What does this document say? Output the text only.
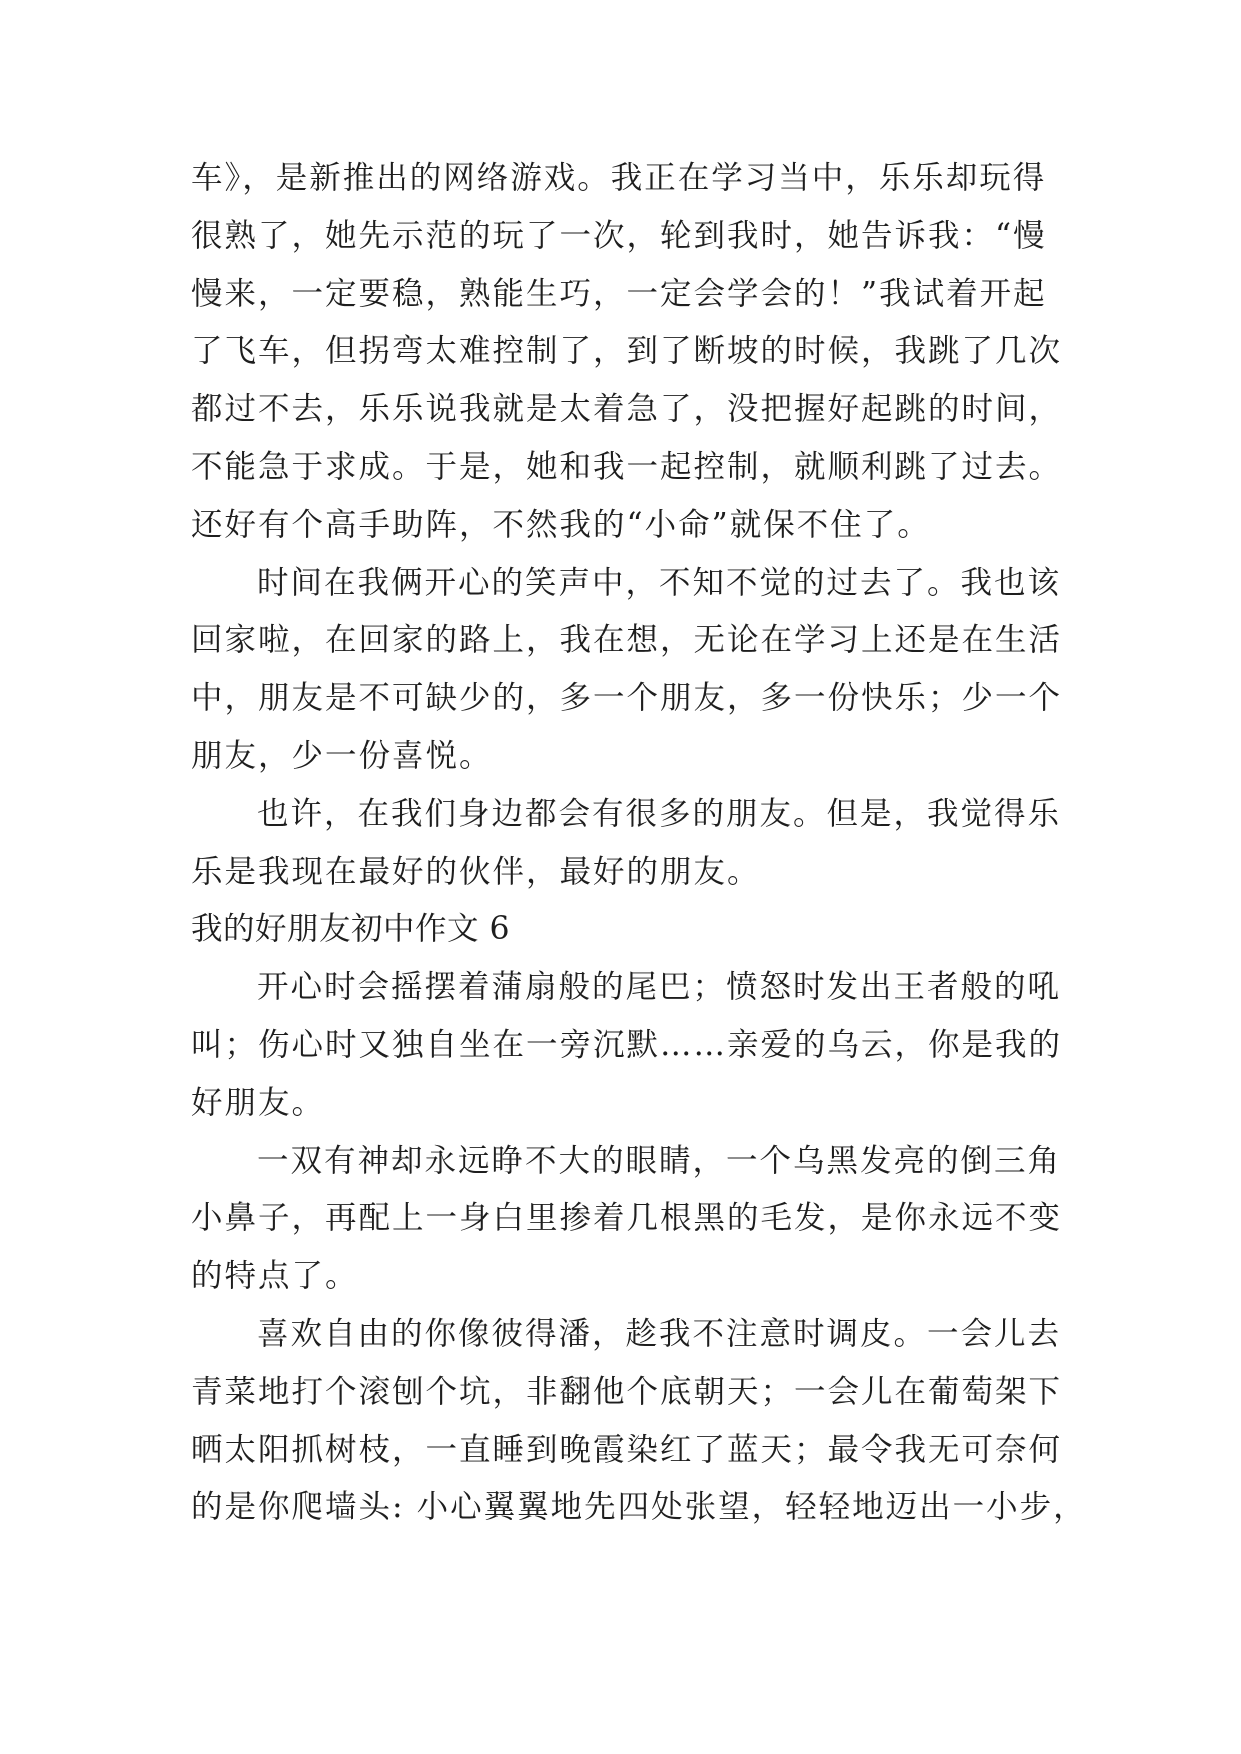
车》，是新推出的网络游戏。我正在学习当中，乐乐却玩得
很熟了，她先示范的玩了一次，轮到我时，她告诉我：“慢
慢来，一定要稳，熟能生巧，一定会学会的！”我试着开起
了飞车，但拐弯太难控制了，到了断坡的时候，我跳了几次
都过不去，乐乐说我就是太着急了，没把握好起跳的时间，
不能急于求成。于是，她和我一起控制，就顺利跳了过去。
还好有个高手助阵，不然我的“小命”就保不住了。
时间在我俩开心的笑声中，不知不觉的过去了。我也该
回家啦，在回家的路上，我在想，无论在学习上还是在生活
中，朋友是不可缺少的，多一个朋友，多一份快乐；少一个
朋友，少一份喜悦。
也许，在我们身边都会有很多的朋友。但是，我觉得乐
乐是我现在最好的伙伴，最好的朋友。
我的好朋友初中作文 6
开心时会摇摆着蒲扇般的尾巴；愤怒时发出王者般的吼
叫；伤心时又独自坐在一旁沉默……亲爱的乌云，你是我的
好朋友。
一双有神却永远睁不大的眼睛，一个乌黑发亮的倒三角
小鼻子，再配上一身白里掺着几根黑的毛发，是你永远不变
的特点了。
喜欢自由的你像彼得潘，趁我不注意时调皮。一会儿去
青菜地打个滚刨个坑，非翻他个底朝天；一会儿在葡萄架下
晒太阳抓树枝，一直睡到晚霞染红了蓝天；最令我无可奈何
的是你爬墙头: 小心翼翼地先四处张望，轻轻地迈出一小步，
